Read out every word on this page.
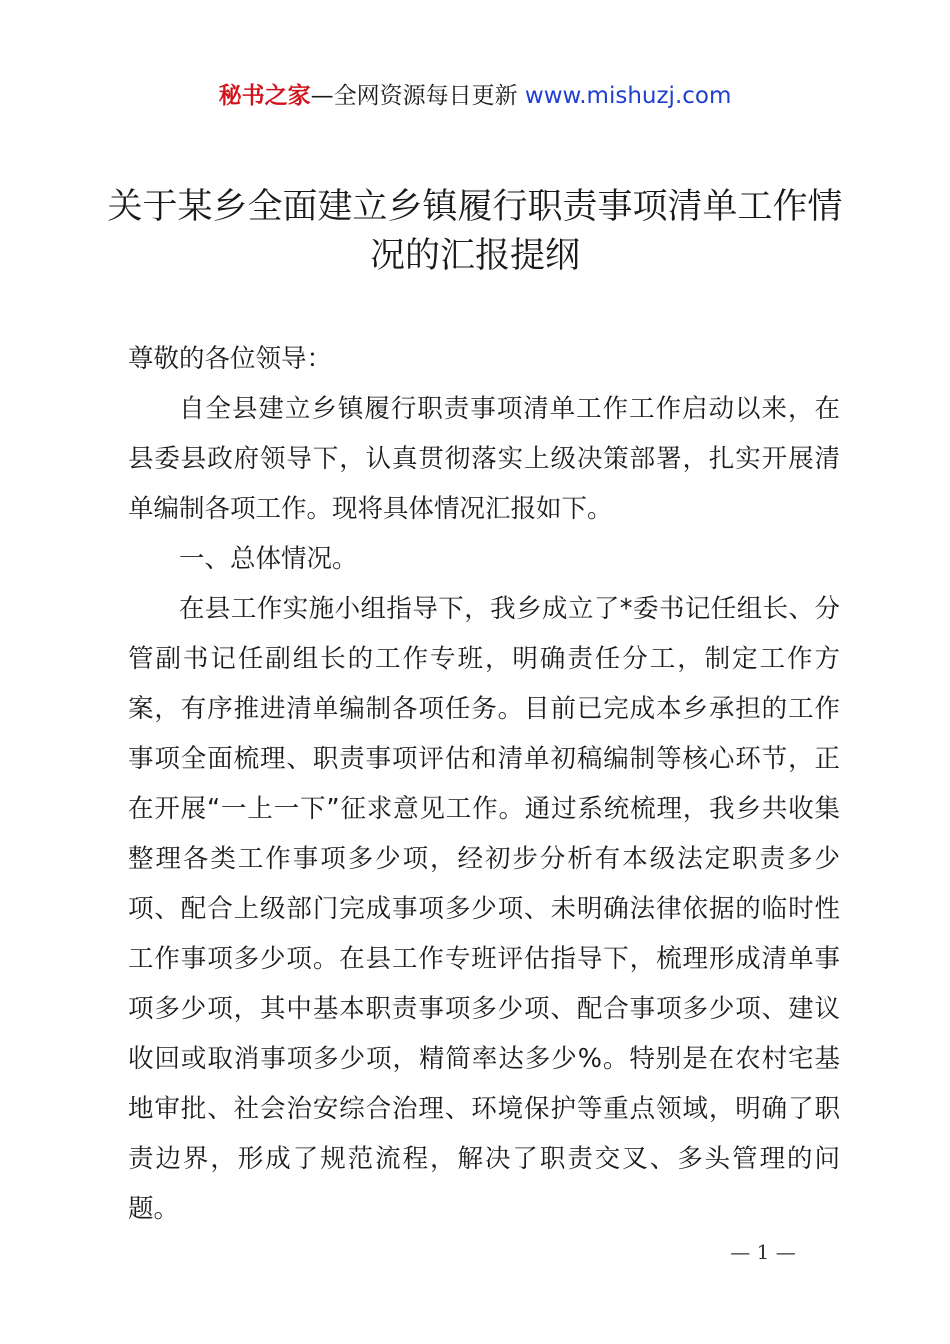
秘书之家—全网资源每日更新 www.mishuzj.com
关于某乡全面建立乡镇履行职责事项清单工作情况的汇报提纲

尊敬的各位领导：

自全县建立乡镇履行职责事项清单工作工作启动以来，在县委县政府领导下，认真贯彻落实上级决策部署，扎实开展清单编制各项工作。现将具体情况汇报如下。

一、总体情况。

在县工作实施小组指导下，我乡成立了*委书记任组长、分管副书记任副组长的工作专班，明确责任分工，制定工作方案，有序推进清单编制各项任务。目前已完成本乡承担的工作事项全面梳理、职责事项评估和清单初稿编制等核心环节，正在开展“一上一下”征求意见工作。通过系统梳理，我乡共收集整理各类工作事项多少项，经初步分析有本级法定职责多少项、配合上级部门完成事项多少项、未明确法律依据的临时性工作事项多少项。在县工作专班评估指导下，梳理形成清单事项多少项，其中基本职责事项多少项、配合事项多少项、建议收回或取消事项多少项，精简率达多少%。特别是在农村宅基地审批、社会治安综合治理、环境保护等重点领域，明确了职责边界，形成了规范流程，解决了职责交叉、多头管理的问题。

— 1 —
